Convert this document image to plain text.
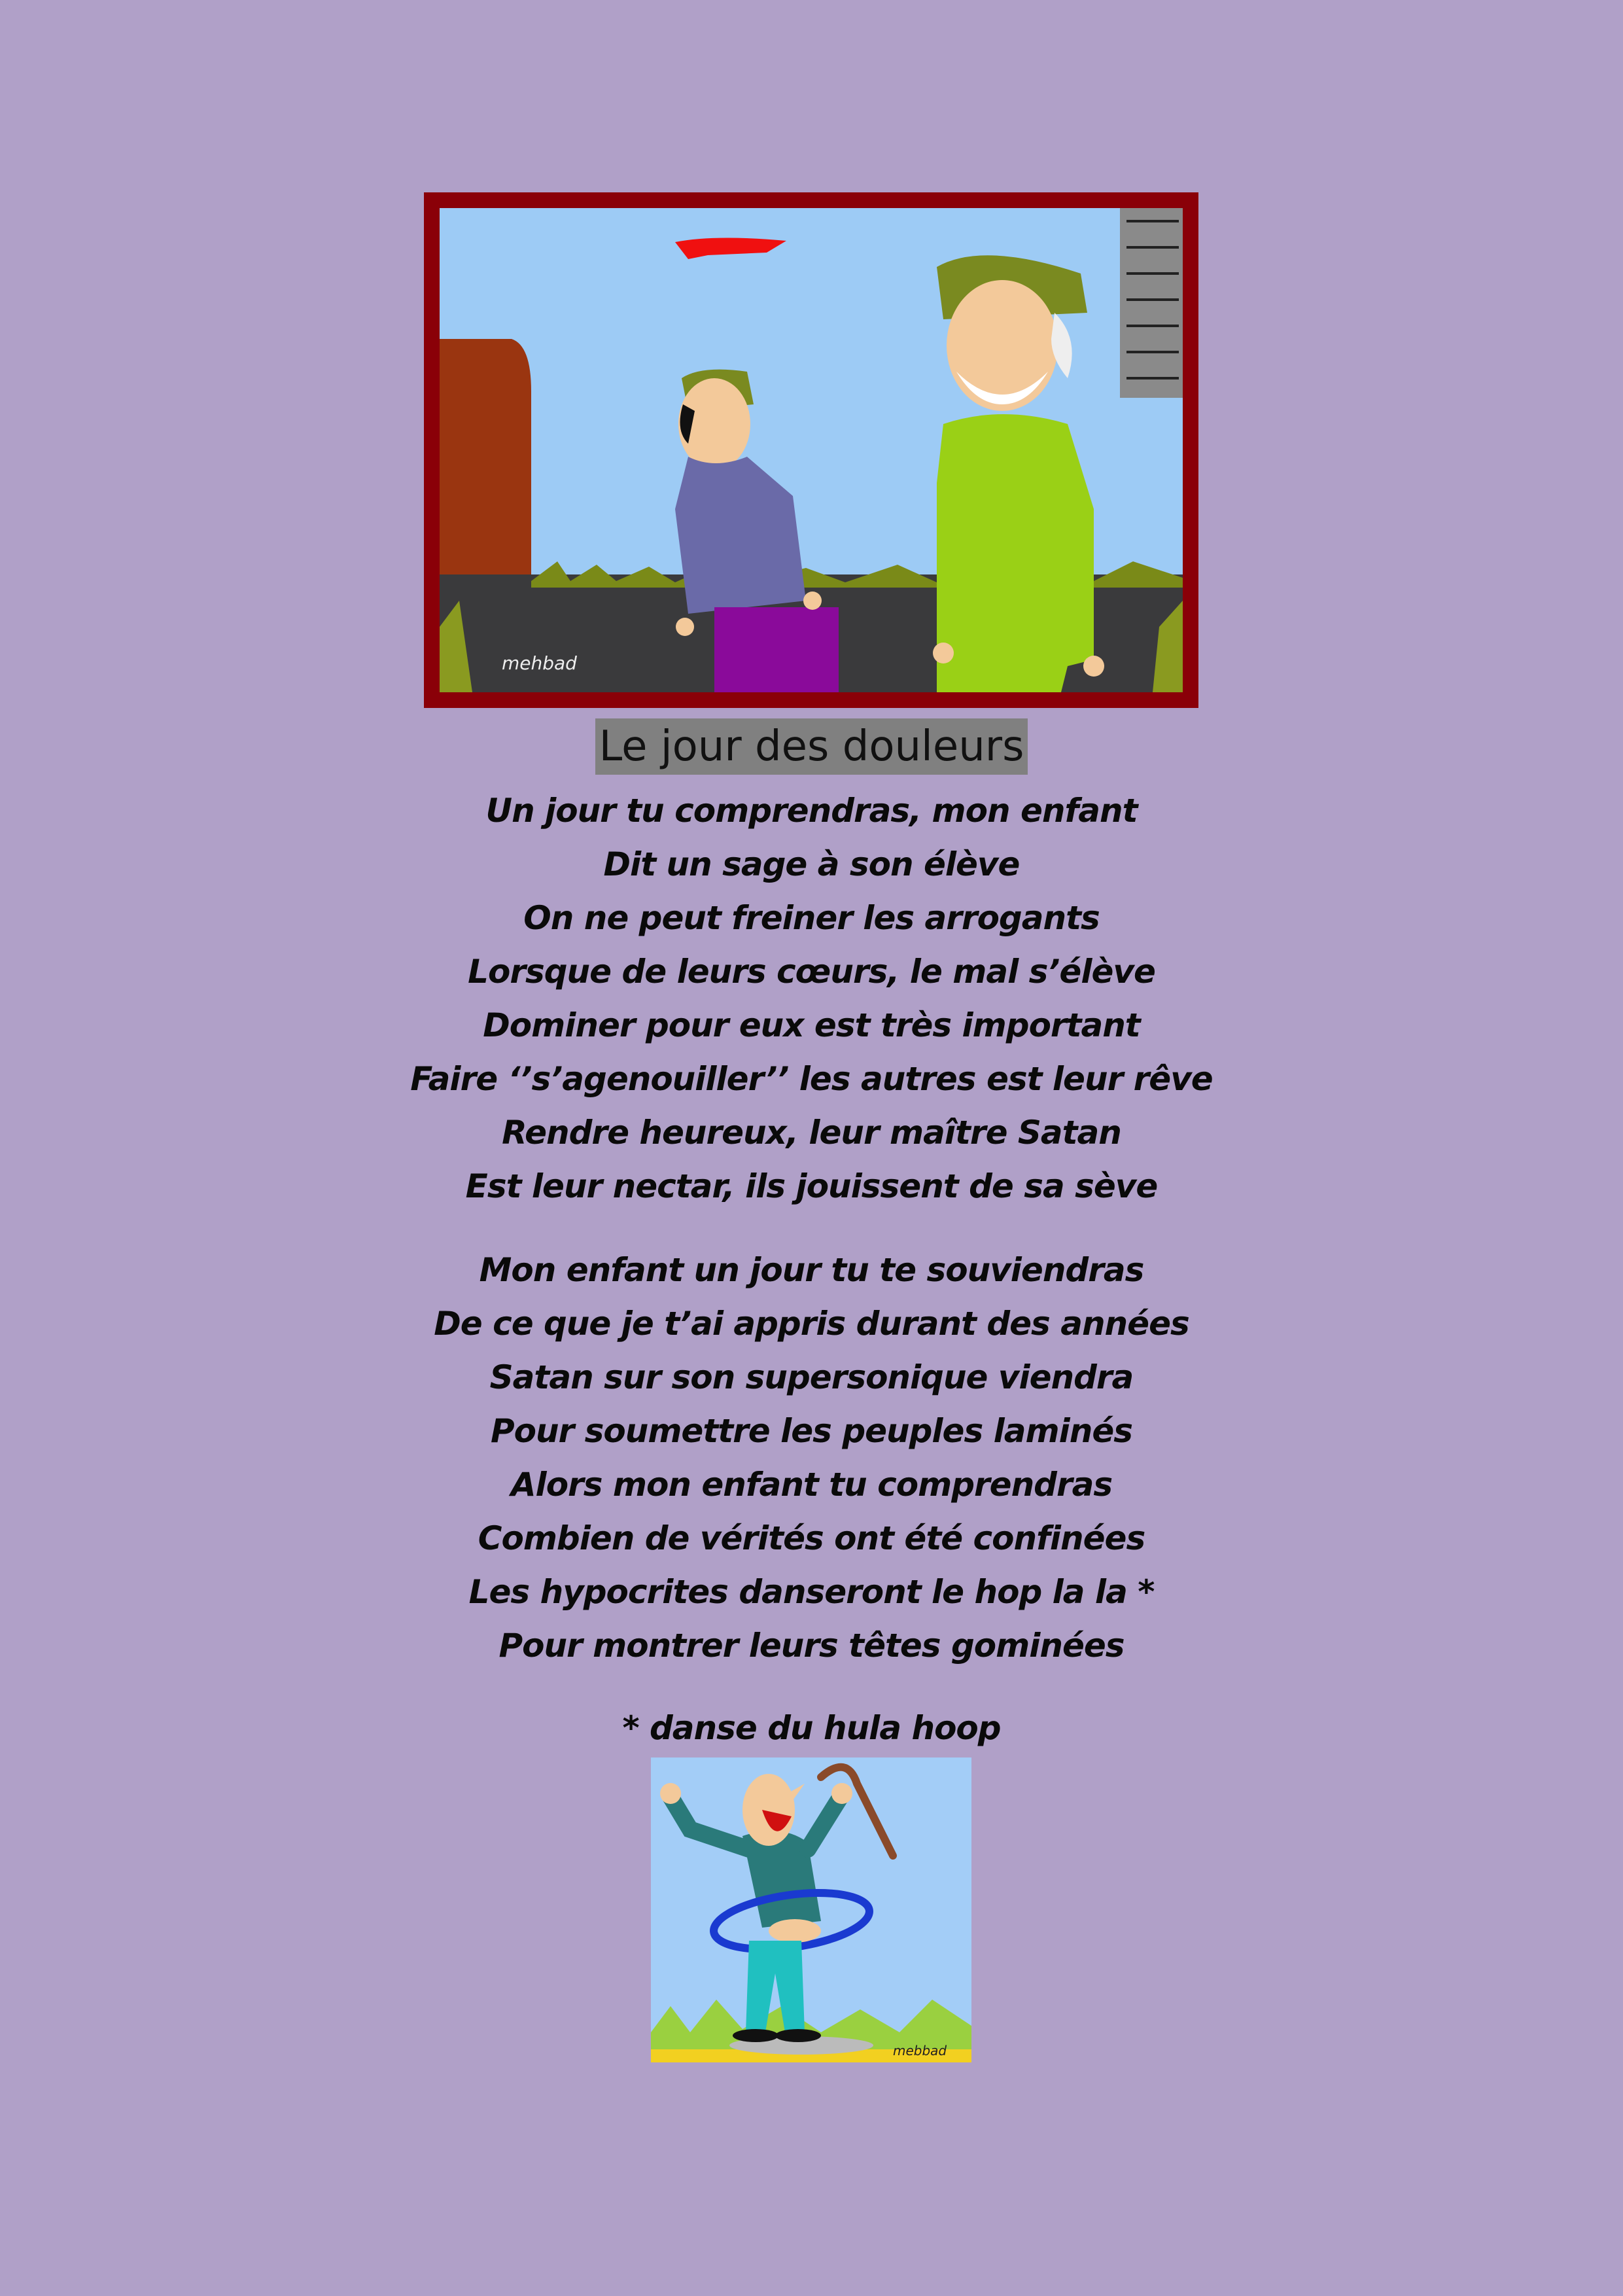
mehbad
Le jour des douleurs
Un jour tu comprendras, mon enfant
Dit un sage à son élève
On ne peut freiner les arrogants
Lorsque de leurs cœurs, le mal s’élève
Dominer pour eux est très important
Faire ‘’s’agenouiller’’ les autres est leur rêve
Rendre heureux, leur maître Satan
Est leur nectar, ils jouissent de sa sève
Mon enfant un jour tu te souviendras
De ce que je t’ai appris durant des années
Satan sur son supersonique viendra
Pour soumettre les peuples laminés
Alors mon enfant tu comprendras
Combien de vérités ont été confinées
Les hypocrites danseront le hop la la *
Pour montrer leurs têtes gominées
* danse du hula hoop
mebbad
